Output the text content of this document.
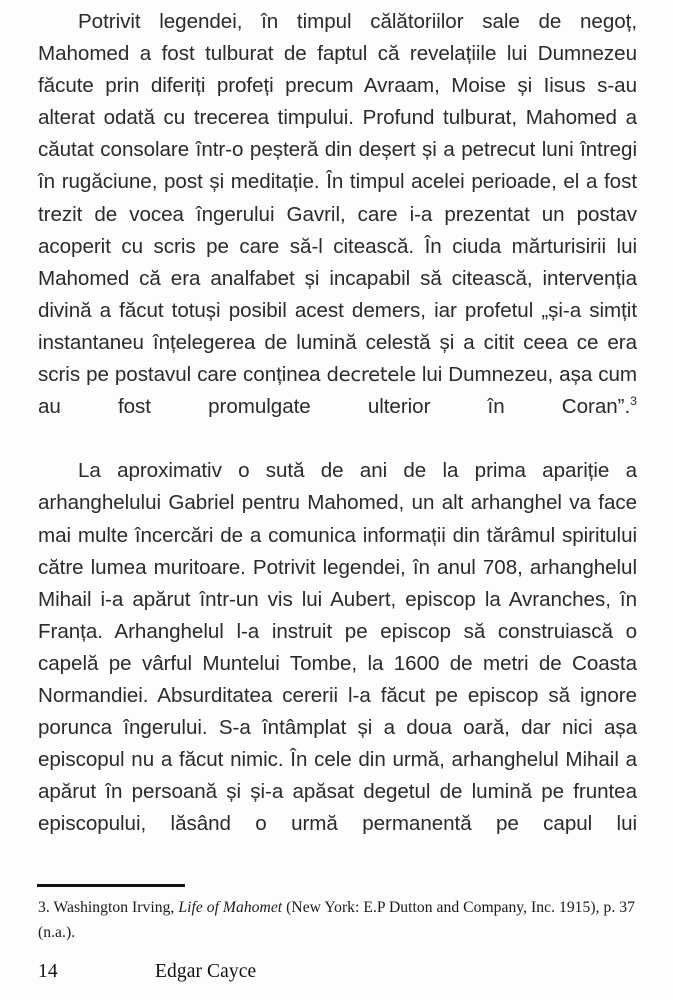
Potrivit legendei, în timpul călătoriilor sale de negoț, Mahomed a fost tulburat de faptul că revelațiile lui Dumnezeu făcute prin diferiți profeți precum Avraam, Moise și Iisus s-au alterat odată cu trecerea timpului. Profund tulburat, Mahomed a căutat consolare într-o peșteră din deșert și a petrecut luni întregi în rugăciune, post și meditație. În timpul acelei perioade, el a fost trezit de vocea îngerului Gavril, care i-a prezentat un postav acoperit cu scris pe care să-l citească. În ciuda mărturisirii lui Mahomed că era analfabet și incapabil să citească, intervenția divină a făcut totuși posibil acest demers, iar profetul „și-a simțit instantaneu înțelegerea de lumină celestă și a citit ceea ce era scris pe postavul care conținea decretele lui Dumnezeu, așa cum au fost promulgate ulterior în Coran”.$^3$

La aproximativ o sută de ani de la prima apariție a arhanghelului Gabriel pentru Mahomed, un alt arhanghel va face mai multe încercări de a comunica informații din tărâmul spiritului către lumea muritoare. Potrivit legendei, în anul 708, arhanghelul Mihail i-a apărut într-un vis lui Aubert, episcop la Avranches, în Franța. Arhanghelul l-a instruit pe episcop să construiască o capelă pe vârful Muntelui Tombe, la 1600 de metri de Coasta Normandiei. Absurditatea cererii l-a făcut pe episcop să ignore porunca îngerului. S-a întâmplat și a doua oară, dar nici așa episcopul nu a făcut nimic. În cele din urmă, arhanghelul Mihail a apărut în persoană și și-a apăsat degetul de lumină pe fruntea episcopului, lăsând o urmă permanentă pe capul lui

3. Washington Irving, Life of Mahomet (New York: E.P Dutton and Company, Inc. 1915), p. 37 (n.a.).
14	Edgar Cayce
